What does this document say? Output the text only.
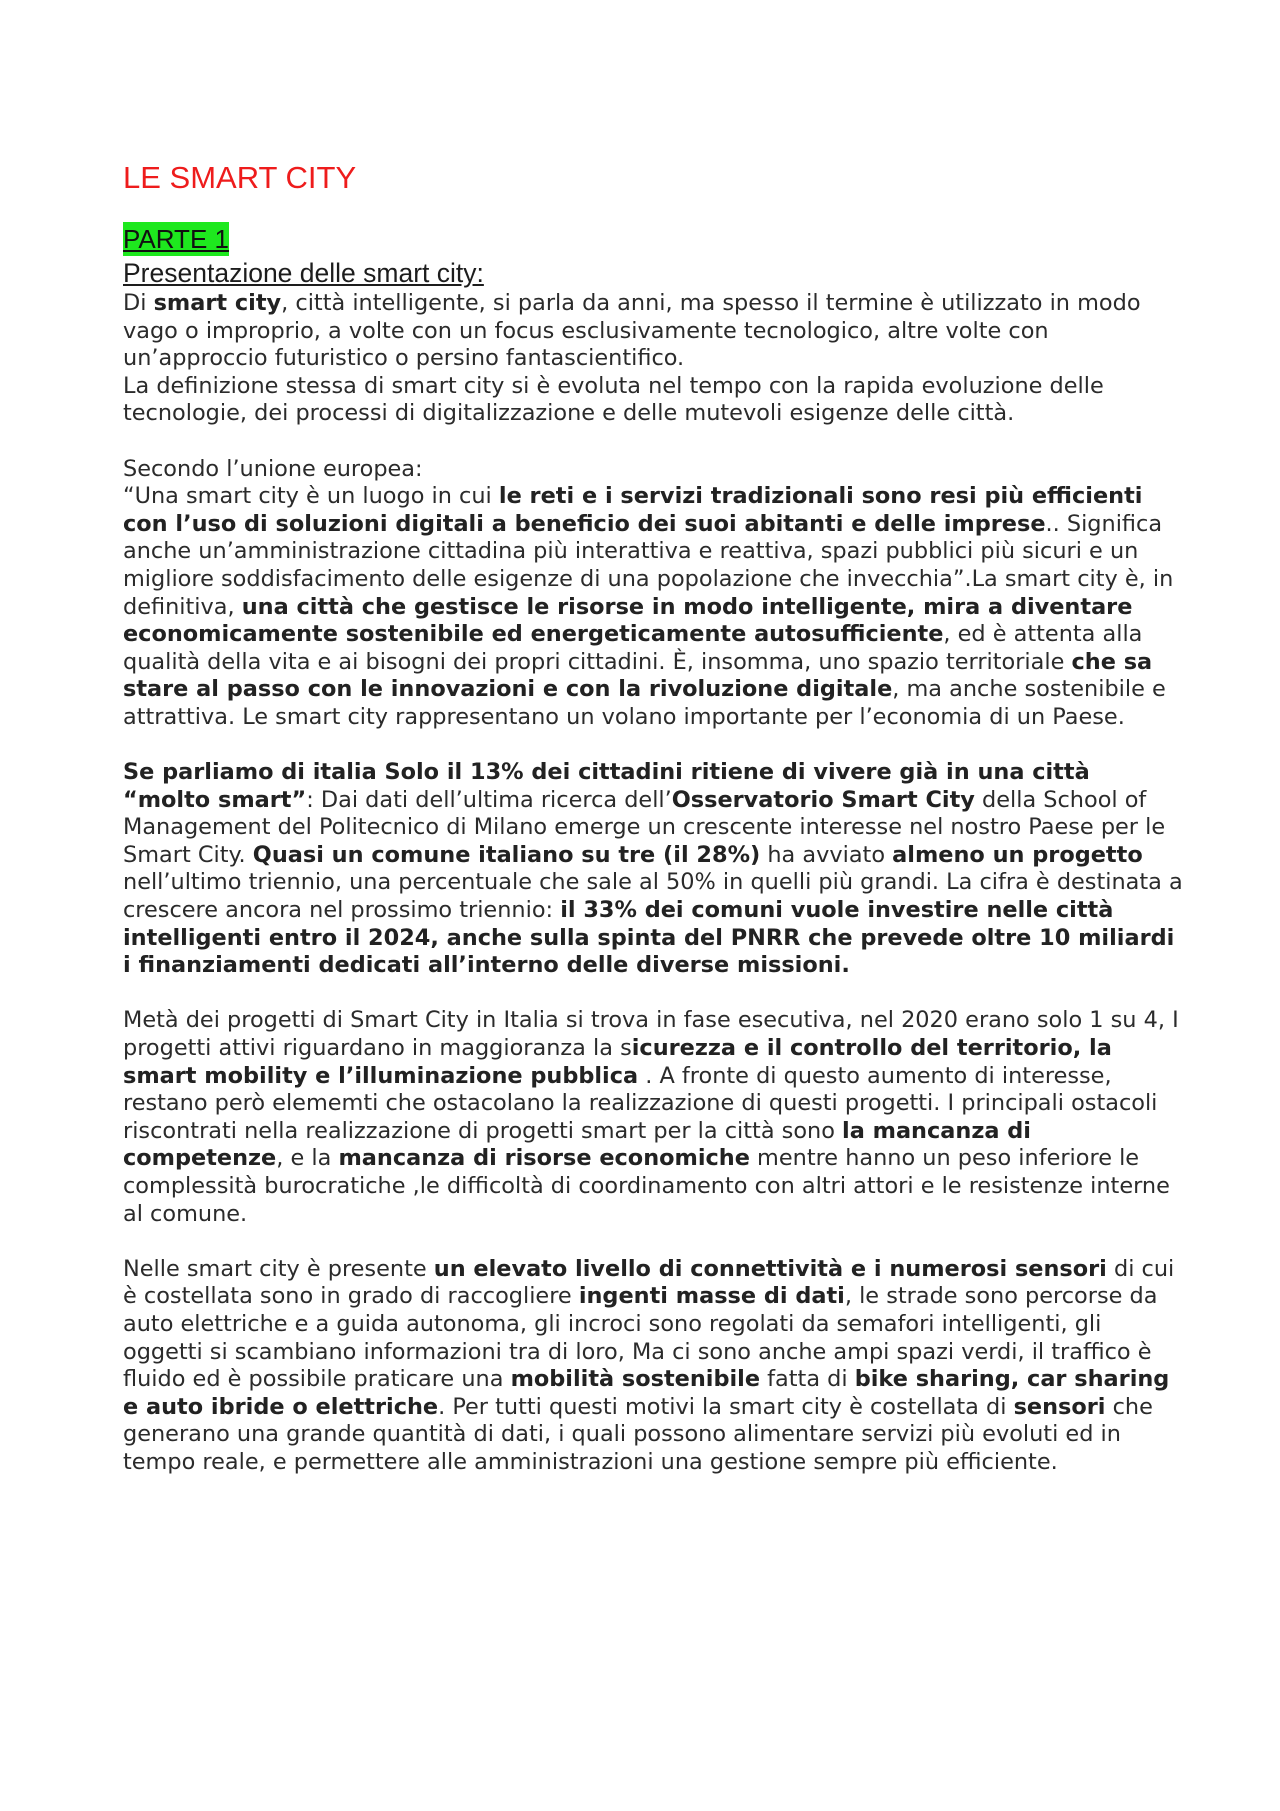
LE SMART CITY
PARTE 1
Presentazione delle smart city:

Di smart city, città intelligente, si parla da anni, ma spesso il termine è utilizzato in modo vago o improprio, a volte con un focus esclusivamente tecnologico, altre volte con un’approccio futuristico o persino fantascientifico.

La definizione stessa di smart city si è evoluta nel tempo con la rapida evoluzione delle tecnologie, dei processi di digitalizzazione e delle mutevoli esigenze delle città.

Secondo l’unione europea:

“Una smart city è un luogo in cui le reti e i servizi tradizionali sono resi più efficienti con l’uso di soluzioni digitali a beneficio dei suoi abitanti e delle imprese.. Significa anche un’amministrazione cittadina più interattiva e reattiva, spazi pubblici più sicuri e un migliore soddisfacimento delle esigenze di una popolazione che invecchia”.La smart city è, in definitiva, una città che gestisce le risorse in modo intelligente, mira a diventare economicamente sostenibile ed energeticamente autosufficiente, ed è attenta alla qualità della vita e ai bisogni dei propri cittadini. È, insomma, uno spazio territoriale che sa stare al passo con le innovazioni e con la rivoluzione digitale, ma anche sostenibile e attrattiva. Le smart city rappresentano un volano importante per l’economia di un Paese.

Se parliamo di italia Solo il 13% dei cittadini ritiene di vivere già in una città “molto smart”: Dai dati dell’ultima ricerca dell’Osservatorio Smart City della School of Management del Politecnico di Milano emerge un crescente interesse nel nostro Paese per le Smart City. Quasi un comune italiano su tre (il 28%) ha avviato almeno un progetto nell’ultimo triennio, una percentuale che sale al 50% in quelli più grandi. La cifra è destinata a crescere ancora nel prossimo triennio: il 33% dei comuni vuole investire nelle città intelligenti entro il 2024, anche sulla spinta del PNRR che prevede oltre 10 miliardi i finanziamenti dedicati all’interno delle diverse missioni.

Metà dei progetti di Smart City in Italia si trova in fase esecutiva, nel 2020 erano solo 1 su 4, I progetti attivi riguardano in maggioranza la sicurezza e il controllo del territorio, la smart mobility e l’illuminazione pubblica . A fronte di questo aumento di interesse, restano però elememti che ostacolano la realizzazione di questi progetti. I principali ostacoli riscontrati nella realizzazione di progetti smart per la città sono la mancanza di competenze, e la mancanza di risorse economiche mentre hanno un peso inferiore le complessità burocratiche ,le difficoltà di coordinamento con altri attori e le resistenze interne al comune.

Nelle smart city è presente un elevato livello di connettività e i numerosi sensori di cui è costellata sono in grado di raccogliere ingenti masse di dati, le strade sono percorse da auto elettriche e a guida autonoma, gli incroci sono regolati da semafori intelligenti, gli oggetti si scambiano informazioni tra di loro, Ma ci sono anche ampi spazi verdi, il traffico è fluido ed è possibile praticare una mobilità sostenibile fatta di bike sharing, car sharing e auto ibride o elettriche. Per tutti questi motivi la smart city è costellata di sensori che generano una grande quantità di dati, i quali possono alimentare servizi più evoluti ed in tempo reale, e permettere alle amministrazioni una gestione sempre più efficiente.
